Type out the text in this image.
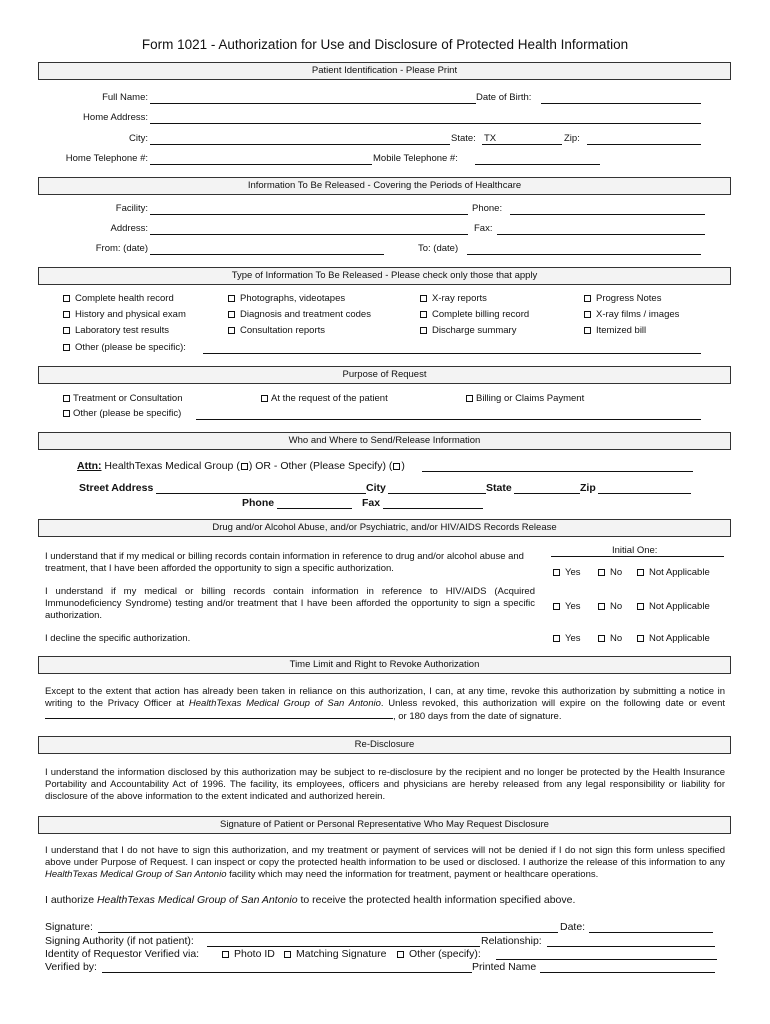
Form 1021 - Authorization for Use and Disclosure of Protected Health Information
Patient Identification - Please Print
Full Name:	Date of Birth:
Home Address:
City:	State: TX	Zip:
Home Telephone #:	Mobile Telephone #:
Information To Be Released - Covering the Periods of Healthcare
Facility:	Phone:
Address:	Fax:
From: (date)	To: (date)
Type of Information To Be Released - Please check only those that apply
Complete health record	Photographs, videotapes	X-ray reports	Progress Notes
History and physical exam	Diagnosis and treatment codes	Complete billing record	X-ray films / images
Laboratory test results	Consultation reports	Discharge summary	Itemized bill
Other (please be specific):
Purpose of Request
Treatment or Consultation	At the request of the patient	Billing or Claims Payment
Other (please be specific)
Who and Where to Send/Release Information
Attn: HealthTexas Medical Group ( ) OR - Other (Please Specify) ( )
Street Address	City	State	Zip
Phone	Fax
Drug and/or Alcohol Abuse, and/or Psychiatric, and/or HIV/AIDS Records Release
Initial One:
I understand that if my medical or billing records contain information in reference to drug and/or alcohol abuse and treatment, that I have been afforded the opportunity to sign a specific authorization.	Yes	No	Not Applicable
I understand if my medical or billing records contain information in reference to HIV/AIDS (Acquired Immunodeficiency Syndrome) testing and/or treatment that I have been afforded the opportunity to sign a specific authorization.
Yes	No	Not Applicable
I decline the specific authorization.	Yes	No	Not Applicable
Time Limit and Right to Revoke Authorization
Except to the extent that action has already been taken in reliance on this authorization, I can, at any time, revoke this authorization by submitting a notice in writing to the Privacy Officer at HealthTexas Medical Group of San Antonio. Unless revoked, this authorization will expire on the following date or event, or 180 days from the date of signature.
Re-Disclosure
I understand the information disclosed by this authorization may be subject to re-disclosure by the recipient and no longer be protected by the Health Insurance Portability and Accountability Act of 1996. The facility, its employees, officers and physicians are hereby released from any legal responsibility or liability for disclosure of the above information to the extent indicated and authorized herein.
Signature of Patient or Personal Representative Who May Request Disclosure
I understand that I do not have to sign this authorization, and my treatment or payment of services will not be denied if I do not sign this form unless specified above under Purpose of Request. I can inspect or copy the protected health information to be used or disclosed. I authorize the release of this information to any HealthTexas Medical Group of San Antonio facility which may need the information for treatment, payment or healthcare operations.
I authorize HealthTexas Medical Group of San Antonio to receive the protected health information specified above.
Signature:	Date:
Signing Authority (if not patient):	Relationship:
Identity of Requestor Verified via:	Photo ID	Matching Signature	Other (specify):
Verified by:	Printed Name
